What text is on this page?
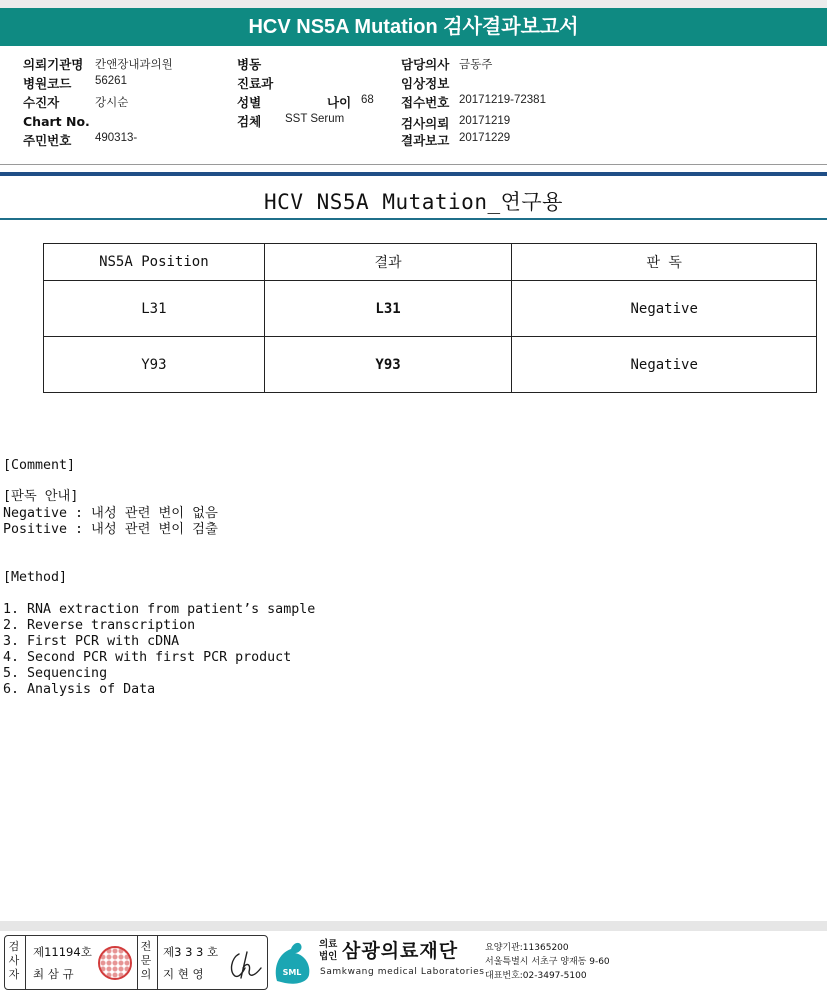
HCV NS5A Mutation 검사결과보고서
의뢰기관명 칸앤장내과의원
병원코드 56261
수진자	강시순
Chart No.
주민번호 490313-
병동
진료과
성별	나이 68
검체 SST Serum
담당의사 금동주
임상정보
접수번호 20171219-72381
검사의뢰 20171219
결과보고 20171229
HCV NS5A Mutation_연구용
NS5A Position	결과	판 독
L31	L31	Negative
Y93	Y93	Negative
[Comment]
[판독 안내]
Negative : 내성 관련 변이 없음
Positive : 내성 관련 변이 검출
[Method]
1. RNA extraction from patient’s sample
2. Reverse transcription
3. First PCR with cDNA
4. Second PCR with first PCR product
5. Sequencing
6. Analysis of Data
검사자
제11194호
최 삼 규
전문의
제3 3 3 호
지 현 영	SML
의료
법인 삼광의료재단
Samkwang medical Laboratories
요양기관:11365200
서울특별시 서초구 양재동 9-60
대표번호:02-3497-5100
